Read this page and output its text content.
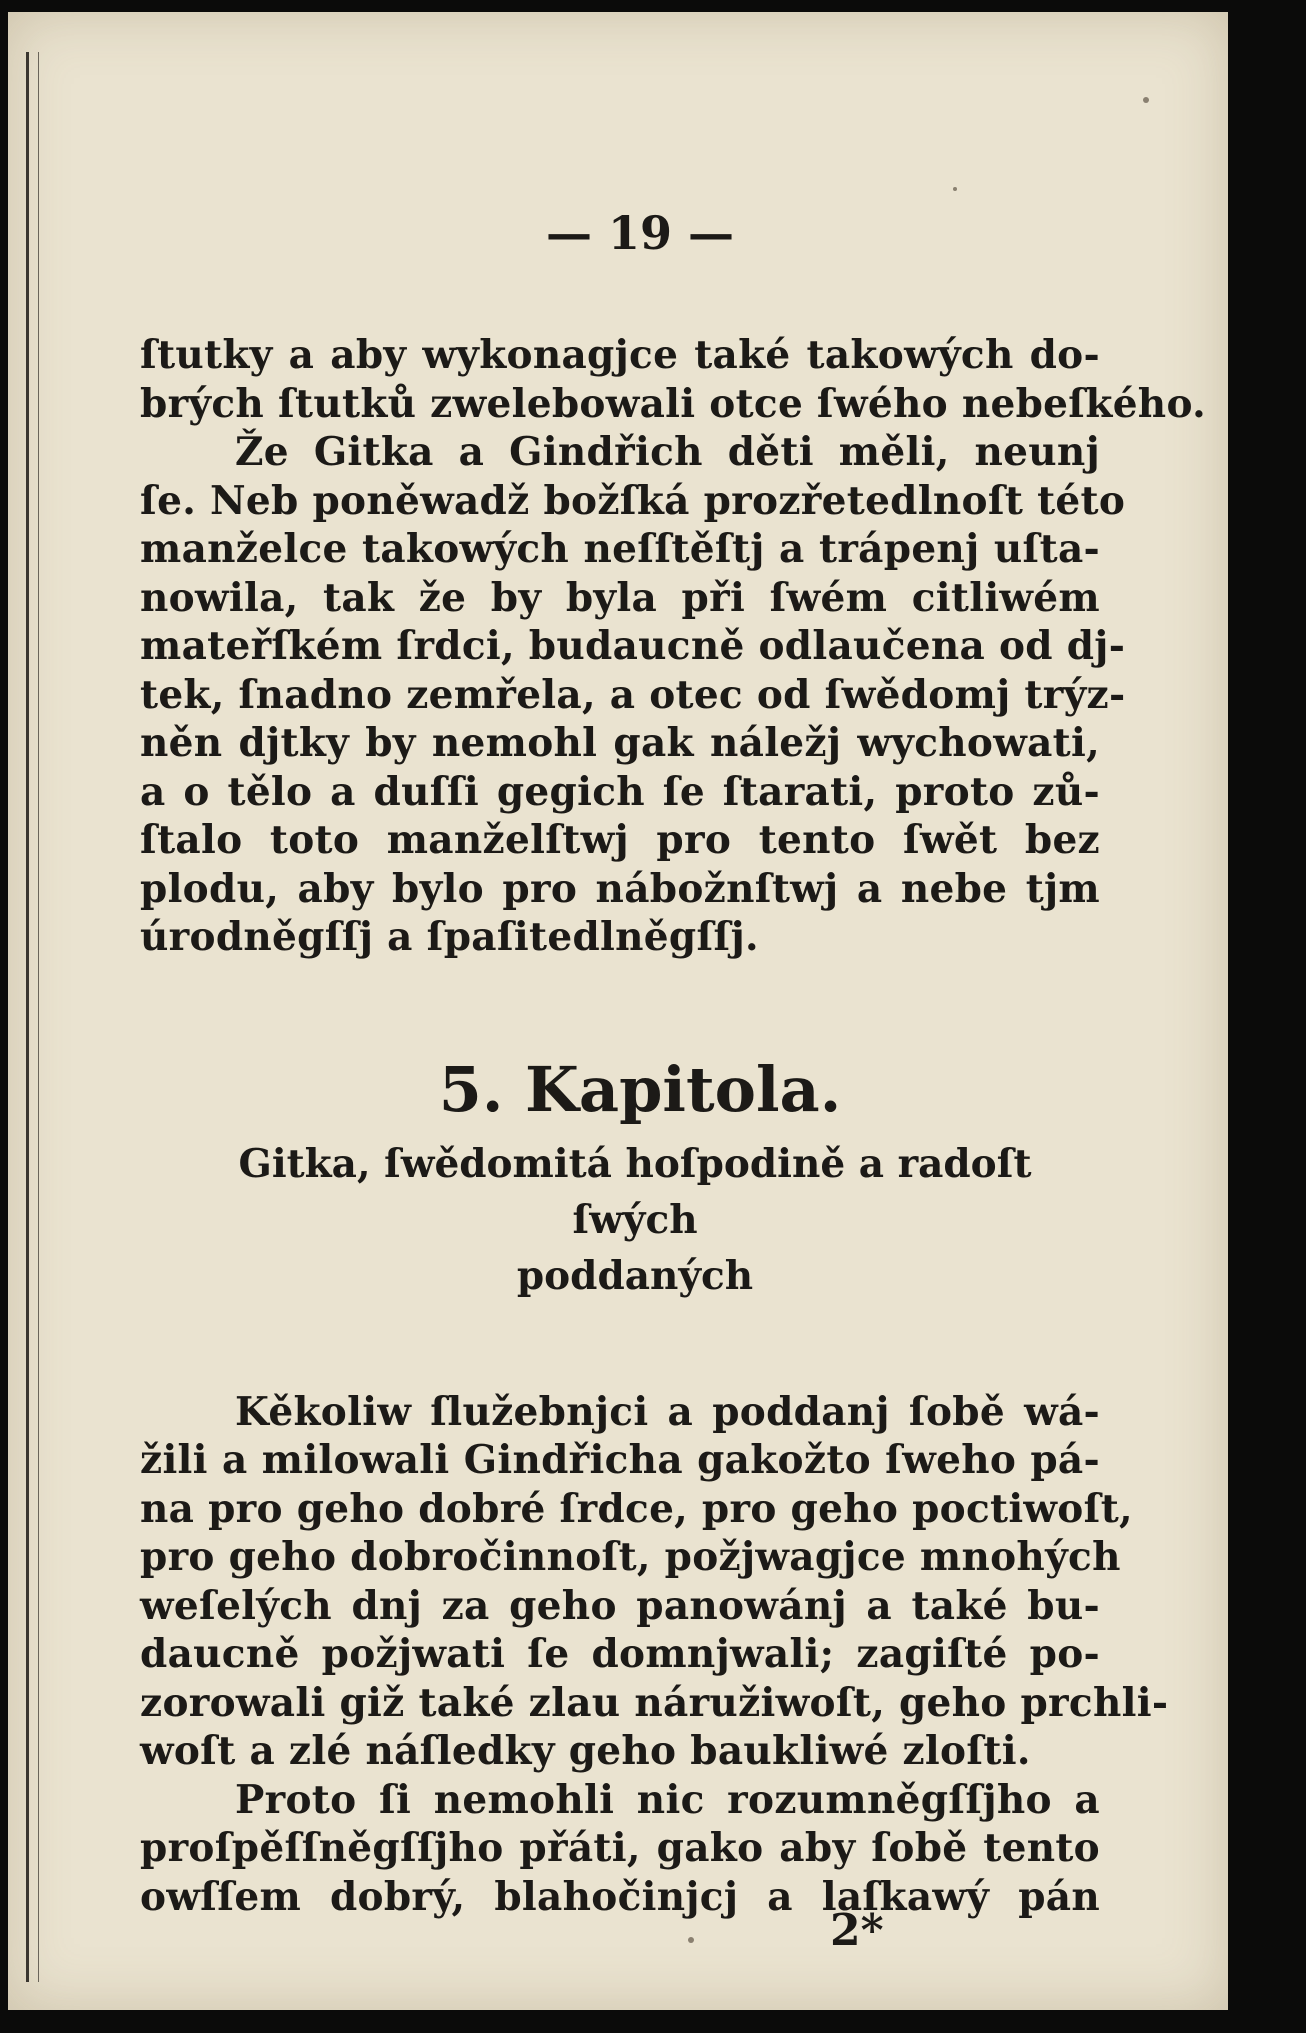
— 19 —
ſtutky a aby wykonagjce také takowých do-
brých ſtutků zwelebowali otce ſwého nebeſkého.
Že Gitka a Gindřich děti měli, neunj
ſe. Neb poněwadž božſká prozřetedlnoſt této
manželce takowých neſſtěſtj a trápenj uſta-
nowila, tak že by byla při ſwém citliwém
mateřſkém ſrdci, budaucně odlaučena od dj-
tek, ſnadno zemřela, a otec od ſwědomj trýz-
něn djtky by nemohl gak náležj wychowati,
a o tělo a duſſi gegich ſe ſtarati, proto zů-
ſtalo toto manželſtwj pro tento ſwět bez
plodu, aby bylo pro nábožnſtwj a nebe tjm
úrodněgſſj a ſpaſitedlněgſſj.
5. Kapitola.
Gitka, ſwědomitá hoſpodině a radoſt ſwých
poddaných
Kěkoliw ſlužebnjci a poddanj ſobě wá-
žili a milowali Gindřicha gakožto ſweho pá-
na pro geho dobré ſrdce, pro geho poctiwoſt,
pro geho dobročinnoſt, požjwagjce mnohých
weſelých dnj za geho panowánj a také bu-
daucně požjwati ſe domnjwali; zagiſté po-
zorowali giž také zlau náružiwoſt, geho prchli-
woſt a zlé náſledky geho baukliwé zloſti.
Proto ſi nemohli nic rozumněgſſjho a
proſpěſſněgſſjho přáti, gako aby ſobě tento
owſſem dobrý, blahočinjcj a laſkawý pán
2*
